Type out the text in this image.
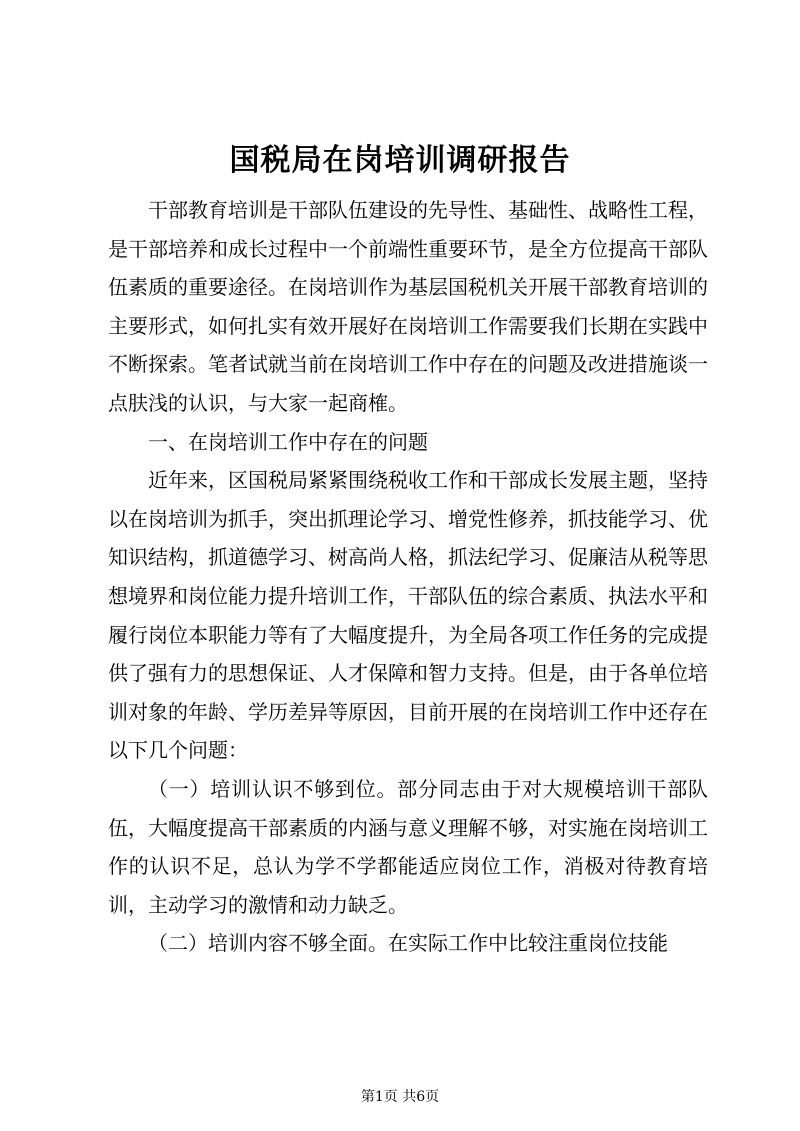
国税局在岗培训调研报告

干部教育培训是干部队伍建设的先导性、基础性、战略性工程，是干部培养和成长过程中一个前端性重要环节，是全方位提高干部队伍素质的重要途径。在岗培训作为基层国税机关开展干部教育培训的主要形式，如何扎实有效开展好在岗培训工作需要我们长期在实践中不断探索。笔者试就当前在岗培训工作中存在的问题及改进措施谈一点肤浅的认识，与大家一起商榷。

一、在岗培训工作中存在的问题

近年来，区国税局紧紧围绕税收工作和干部成长发展主题，坚持以在岗培训为抓手，突出抓理论学习、增党性修养，抓技能学习、优知识结构，抓道德学习、树高尚人格，抓法纪学习、促廉洁从税等思想境界和岗位能力提升培训工作，干部队伍的综合素质、执法水平和履行岗位本职能力等有了大幅度提升，为全局各项工作任务的完成提供了强有力的思想保证、人才保障和智力支持。但是，由于各单位培训对象的年龄、学历差异等原因，目前开展的在岗培训工作中还存在以下几个问题：

（一）培训认识不够到位。部分同志由于对大规模培训干部队伍，大幅度提高干部素质的内涵与意义理解不够，对实施在岗培训工作的认识不足，总认为学不学都能适应岗位工作，消极对待教育培训，主动学习的激情和动力缺乏。

（二）培训内容不够全面。在实际工作中比较注重岗位技能

第1页 共6页
